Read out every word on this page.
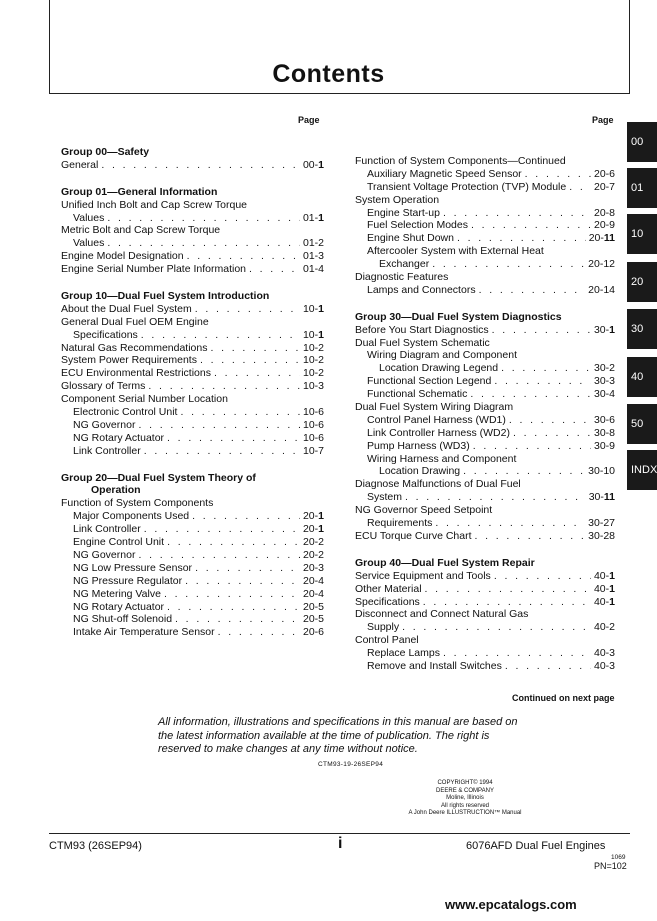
Contents
Page	Page
Group 00—Safety
General . . .	00-1
Group 01—General Information
Unified Inch Bolt and Cap Screw Torque
Values . . .	01-1
Metric Bolt and Cap Screw Torque
Values . . .	01-2
Engine Model Designation . . .	01-3
Engine Serial Number Plate Information . . .	01-4
Group 10—Dual Fuel System Introduction
About the Dual Fuel System . . .	10-1
General Dual Fuel OEM Engine
Specifications . . .	10-1
Natural Gas Recommendations . . .	10-2
System Power Requirements . . .	10-2
ECU Environmental Restrictions . . .	10-2
Glossary of Terms . . .	10-3
Component Serial Number Location
Electronic Control Unit . . .	10-6
NG Governor . . .	10-6
NG Rotary Actuator . . .	10-6
Link Controller . . .	10-7
Group 20—Dual Fuel System Theory of
Operation
Function of System Components
Major Components Used . . .	20-1
Link Controller . . .	20-1
Engine Control Unit . . .	20-2
NG Governor . . .	20-2
NG Low Pressure Sensor . . .	20-3
NG Pressure Regulator . . .	20-4
NG Metering Valve . . .	20-4
NG Rotary Actuator . . .	20-5
NG Shut-off Solenoid . . .	20-5
Intake Air Temperature Sensor . . .	20-6
Function of System Components—Continued
Auxiliary Magnetic Speed Sensor . . .	20-6
Transient Voltage Protection (TVP) Module . . .	20-7
System Operation
Engine Start-up . . .	20-8
Fuel Selection Modes . . .	20-9
Engine Shut Down . . .	20-11
Aftercooler System with External Heat
Exchanger . . .	20-12
Diagnostic Features
Lamps and Connectors . . .	20-14
Group 30—Dual Fuel System Diagnostics
Before You Start Diagnostics . . .	30-1
Dual Fuel System Schematic
Wiring Diagram and Component
Location Drawing Legend . . .	30-2
Functional Section Legend . . .	30-3
Functional Schematic . . .	30-4
Dual Fuel System Wiring Diagram
Control Panel Harness (WD1) . . .	30-6
Link Controller Harness (WD2) . . .	30-8
Pump Harness (WD3) . . .	30-9
Wiring Harness and Component
Location Drawing . . .	30-10
Diagnose Malfunctions of Dual Fuel
System . . .	30-11
NG Governor Speed Setpoint
Requirements . . .	30-27
ECU Torque Curve Chart . . .	30-28
Group 40—Dual Fuel System Repair
Service Equipment and Tools . . .	40-1
Other Material . . .	40-1
Specifications . . .	40-1
Disconnect and Connect Natural Gas
Supply . . .	40-2
Control Panel
Replace Lamps . . .	40-3
Remove and Install Switches . . .	40-3
Continued on next page
All information, illustrations and specifications in this manual are based on
the latest information available at the time of publication. The right is
reserved to make changes at any time without notice.
CTM93-19-26SEP94
COPYRIGHT© 1994
DEERE & COMPANY
Moline, Illinois
All rights reserved
A John Deere ILLUSTRUCTION™ Manual
CTM93 (26SEP94)	i	6076AFD Dual Fuel Engines
1069
PN=102
00
01
10
20
30
40
50
INDX
www.epcatalogs.com
